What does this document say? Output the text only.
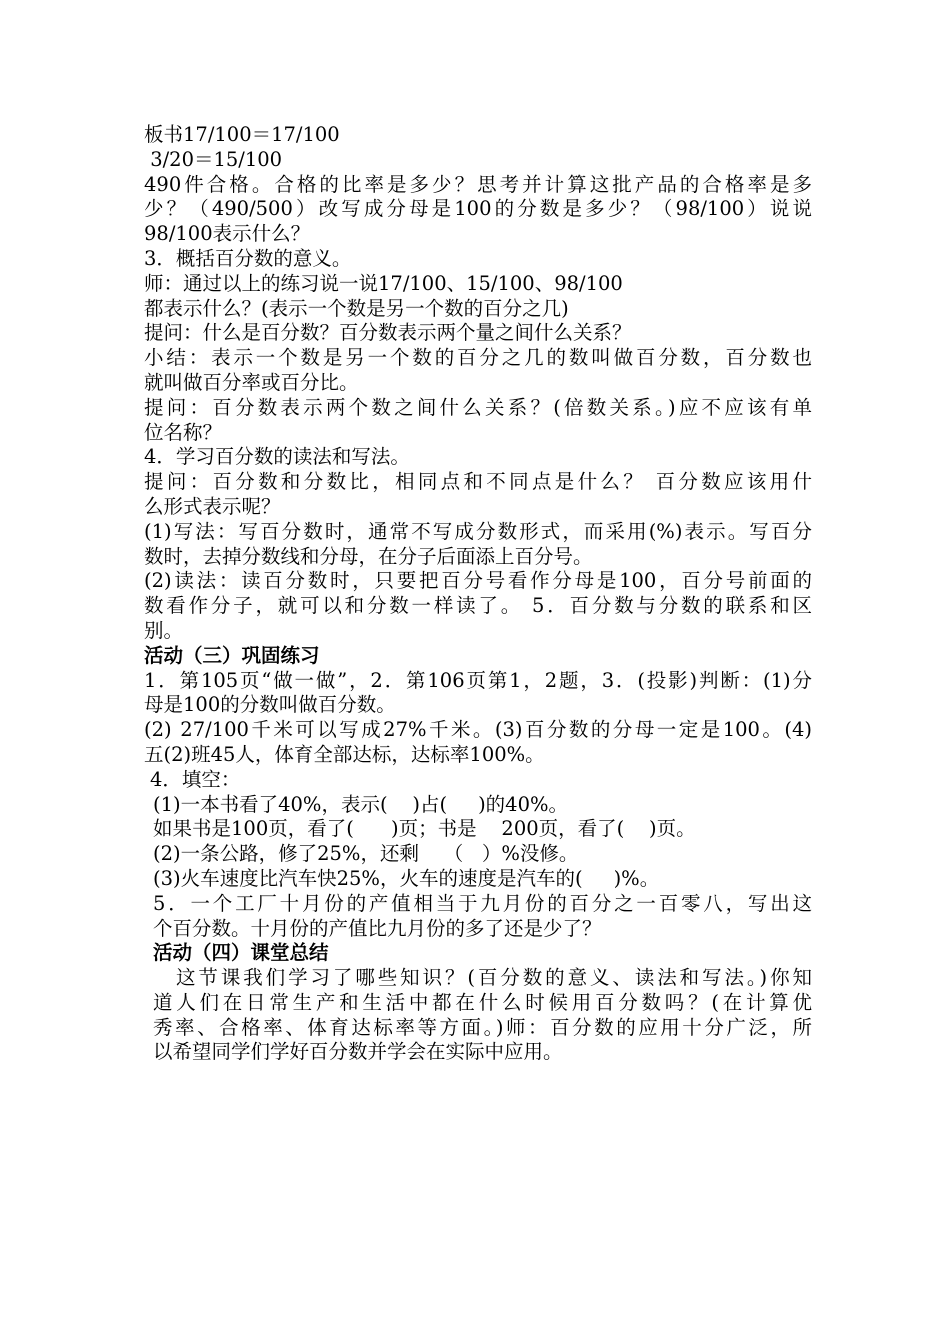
板书17/100＝17/100
3/20＝15/100
490件合格。合格的比率是多少？思考并计算这批产品的合格率是多
少？（490/500）改写成分母是100的分数是多少？（98/100）说说
98/100表示什么？
3．概括百分数的意义。
师：通过以上的练习说一说17/100、15/100、98/100
都表示什么？(表示一个数是另一个数的百分之几)
提问：什么是百分数？百分数表示两个量之间什么关系？
小结：表示一个数是另一个数的百分之几的数叫做百分数，百分数也
就叫做百分率或百分比。
提问：百分数表示两个数之间什么关系？(倍数关系。)应不应该有单
位名称？
4．学习百分数的读法和写法。
提问：百分数和分数比，相同点和不同点是什么？ 百分数应该用什
么形式表示呢？
(1)写法：写百分数时，通常不写成分数形式，而采用(%)表示。写百分
数时，去掉分数线和分母，在分子后面添上百分号。
(2)读法：读百分数时，只要把百分号看作分母是100，百分号前面的
数看作分子，就可以和分数一样读了。 5．百分数与分数的联系和区
别。
活动（三）巩固练习
1．第105页“做一做”，2．第106页第1，2题，3．(投影)判断：(1)分
母是100的分数叫做百分数。
(2) 27/100千米可以写成27%千米。(3)百分数的分母一定是100。(4)
五(2)班45人，体育全部达标，达标率100%。
4．填空：
(1)一本书看了40%，表示(    )占(     )的40%。
如果书是100页，看了(      )页；书是    200页，看了(    )页。
(2)一条公路，修了25%，还剩    （   ）%没修。
(3)火车速度比汽车快25%，火车的速度是汽车的(     )%。
5．一个工厂十月份的产值相当于九月份的百分之一百零八，写出这
个百分数。十月份的产值比九月份的多了还是少了？
活动（四）课堂总结
这节课我们学习了哪些知识？(百分数的意义、读法和写法。)你知
道人们在日常生产和生活中都在什么时候用百分数吗？(在计算优
秀率、合格率、体育达标率等方面。)师：百分数的应用十分广泛，所
以希望同学们学好百分数并学会在实际中应用。
